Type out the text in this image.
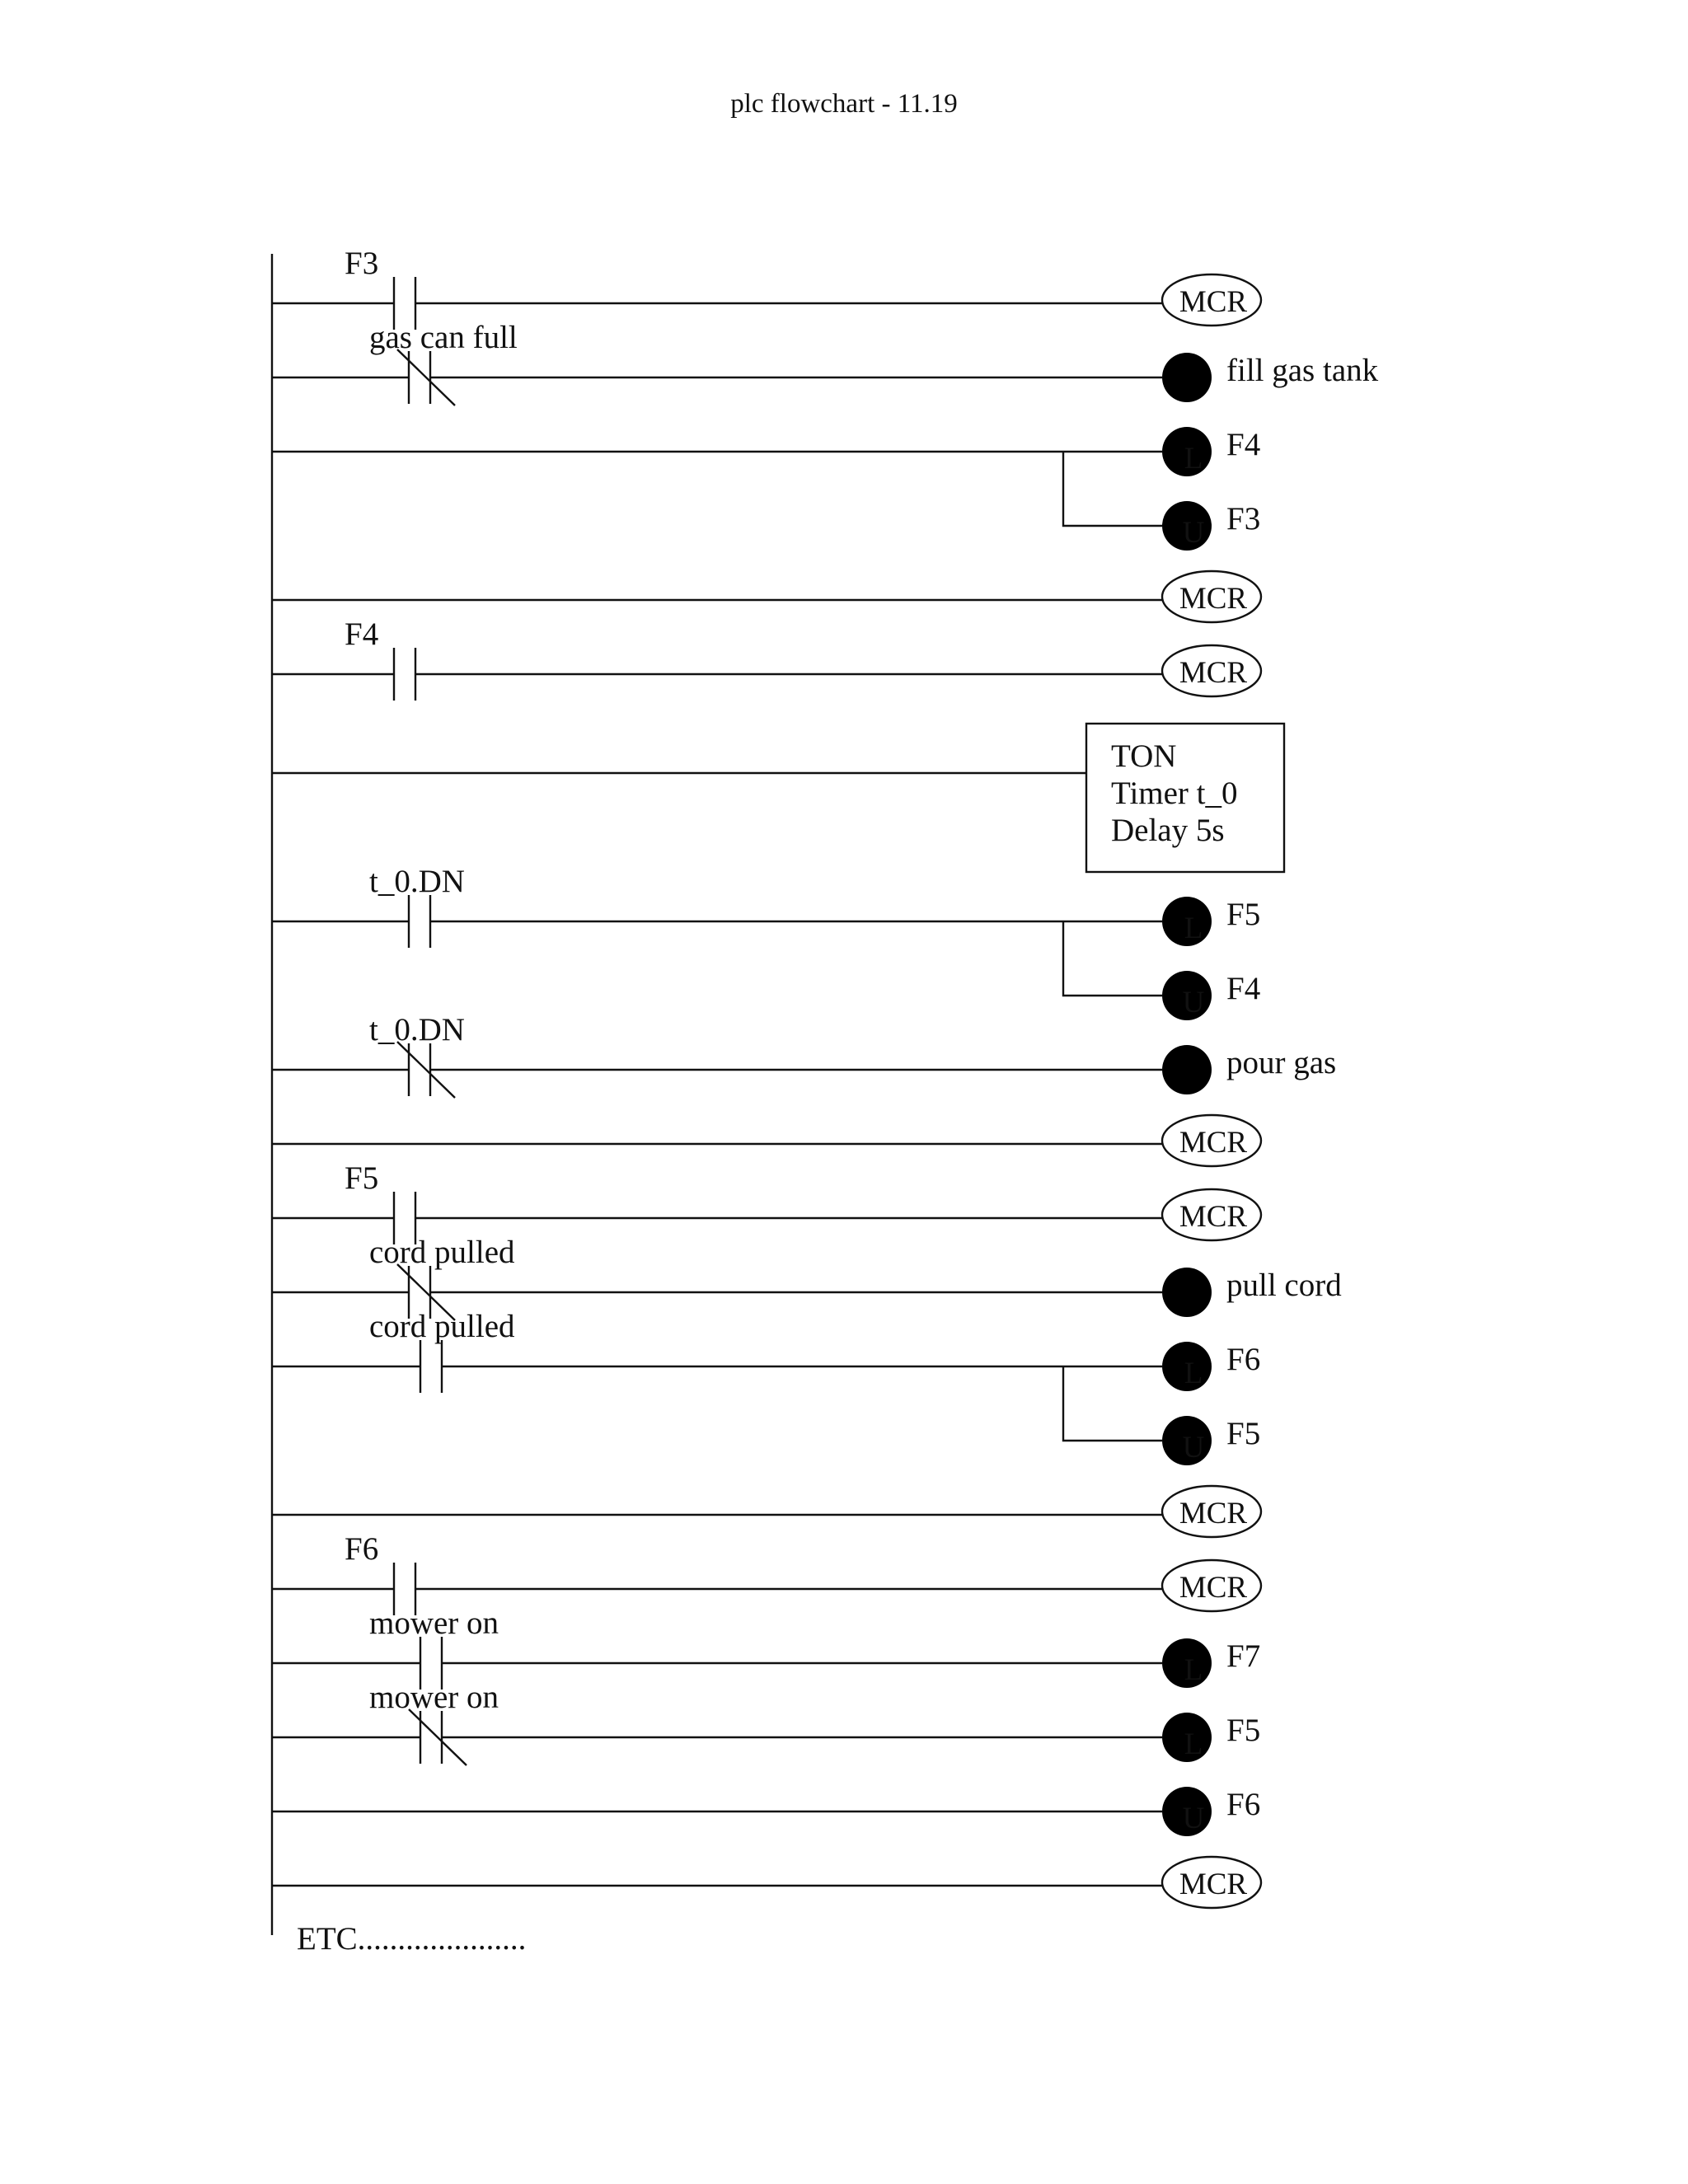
plc flowchart - 11.19
F3
MCR
gas can full
fill gas tank
L F4
U F3
MCR
F4
MCR
TON
Timer t_0
Delay 5s
t_0.DN
L F5
U F4
t_0.DN
pour gas
MCR
F5
MCR
cord pulled
pull cord
cord pulled
L F6
U F5
MCR
F6
MCR
mower on
L F7
mower on
L F5
U F6
MCR
ETC.....................
